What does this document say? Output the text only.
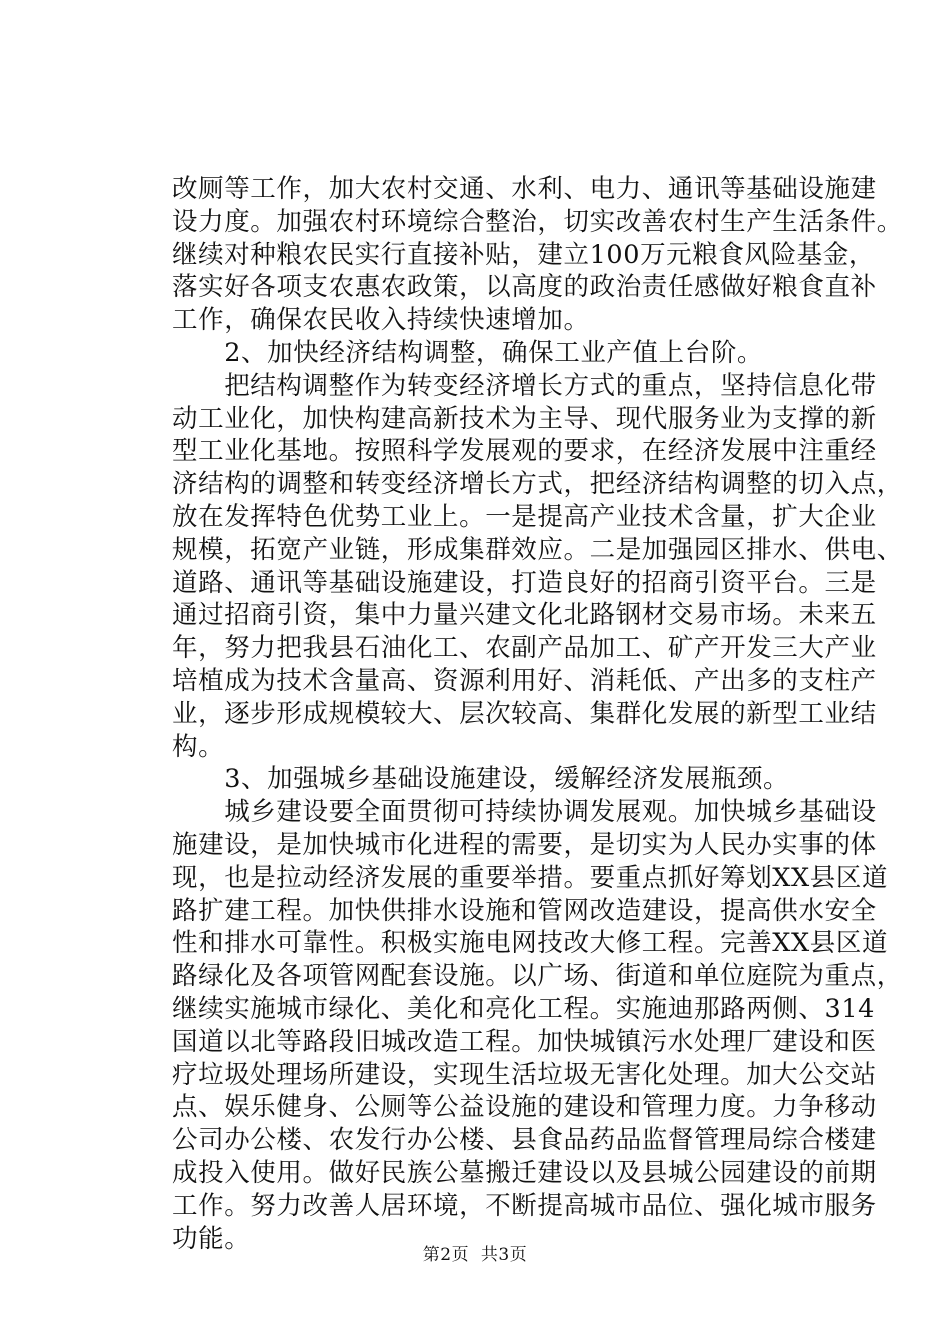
改厕等工作，加大农村交通、水利、电力、通讯等基础设施建
设力度。加强农村环境综合整治，切实改善农村生产生活条件。
继续对种粮农民实行直接补贴，建立100万元粮食风险基金，
落实好各项支农惠农政策，以高度的政治责任感做好粮食直补
工作，确保农民收入持续快速增加。
　　2、加快经济结构调整，确保工业产值上台阶。
　　把结构调整作为转变经济增长方式的重点，坚持信息化带
动工业化，加快构建高新技术为主导、现代服务业为支撑的新
型工业化基地。按照科学发展观的要求，在经济发展中注重经
济结构的调整和转变经济增长方式，把经济结构调整的切入点，
放在发挥特色优势工业上。一是提高产业技术含量，扩大企业
规模，拓宽产业链，形成集群效应。二是加强园区排水、供电、
道路、通讯等基础设施建设，打造良好的招商引资平台。三是
通过招商引资，集中力量兴建文化北路钢材交易市场。未来五
年，努力把我县石油化工、农副产品加工、矿产开发三大产业
培植成为技术含量高、资源利用好、消耗低、产出多的支柱产
业，逐步形成规模较大、层次较高、集群化发展的新型工业结
构。
　　3、加强城乡基础设施建设，缓解经济发展瓶颈。
　　城乡建设要全面贯彻可持续协调发展观。加快城乡基础设
施建设，是加快城市化进程的需要，是切实为人民办实事的体
现，也是拉动经济发展的重要举措。要重点抓好筹划XX县区道
路扩建工程。加快供排水设施和管网改造建设，提高供水安全
性和排水可靠性。积极实施电网技改大修工程。完善XX县区道
路绿化及各项管网配套设施。以广场、街道和单位庭院为重点，
继续实施城市绿化、美化和亮化工程。实施迪那路两侧、314
国道以北等路段旧城改造工程。加快城镇污水处理厂建设和医
疗垃圾处理场所建设，实现生活垃圾无害化处理。加大公交站
点、娱乐健身、公厕等公益设施的建设和管理力度。力争移动
公司办公楼、农发行办公楼、县食品药品监督管理局综合楼建
成投入使用。做好民族公墓搬迁建设以及县城公园建设的前期
工作。努力改善人居环境，不断提高城市品位、强化城市服务
功能。
第2页  共3页
